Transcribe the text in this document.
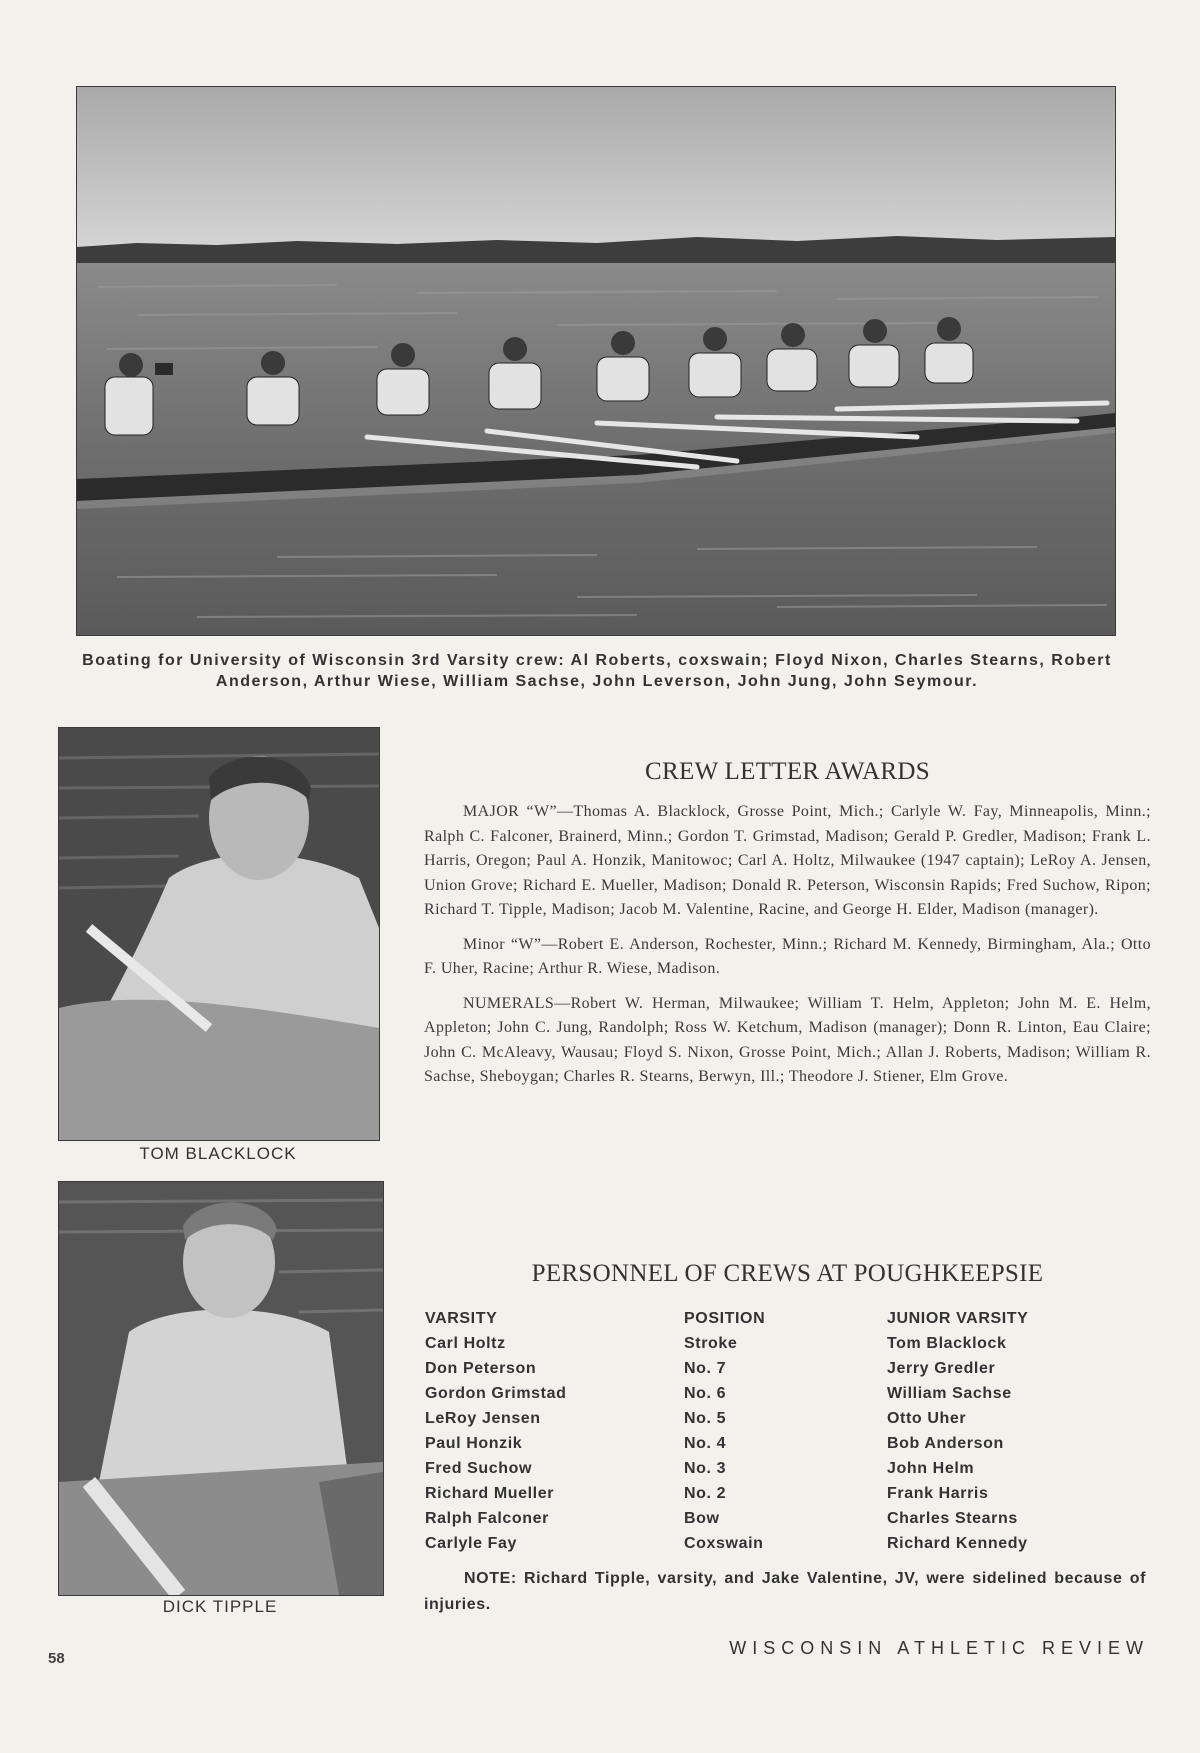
Boating for University of Wisconsin 3rd Varsity crew: Al Roberts, coxswain; Floyd Nixon, Charles Stearns, Robert Anderson, Arthur Wiese, William Sachse, John Leverson, John Jung, John Seymour.
TOM BLACKLOCK
DICK TIPPLE
CREW LETTER AWARDS

MAJOR “W”—Thomas A. Blacklock, Grosse Point, Mich.; Carlyle W. Fay, Minneapolis, Minn.; Ralph C. Falconer, Brainerd, Minn.; Gordon T. Grimstad, Madison; Gerald P. Gredler, Madison; Frank L. Harris, Oregon; Paul A. Honzik, Manitowoc; Carl A. Holtz, Milwaukee (1947 captain); LeRoy A. Jensen, Union Grove; Richard E. Mueller, Madison; Donald R. Peterson, Wisconsin Rapids; Fred Suchow, Ripon; Richard T. Tipple, Madison; Jacob M. Valentine, Racine, and George H. Elder, Madison (manager).

Minor “W”—Robert E. Anderson, Rochester, Minn.; Richard M. Kennedy, Birmingham, Ala.; Otto F. Uher, Racine; Arthur R. Wiese, Madison.

NUMERALS—Robert W. Herman, Milwaukee; William T. Helm, Appleton; John M. E. Helm, Appleton; John C. Jung, Randolph; Ross W. Ketchum, Madison (manager); Donn R. Linton, Eau Claire; John C. McAleavy, Wausau; Floyd S. Nixon, Grosse Point, Mich.; Allan J. Roberts, Madison; William R. Sachse, Sheboygan; Charles R. Stearns, Berwyn, Ill.; Theodore J. Stiener, Elm Grove.

PERSONNEL OF CREWS AT POUGHKEEPSIE
VARSITY
Carl Holtz
Don Peterson
Gordon Grimstad
LeRoy Jensen
Paul Honzik
Fred Suchow
Richard Mueller
Ralph Falconer
Carlyle Fay
POSITION
Stroke
No. 7
No. 6
No. 5
No. 4
No. 3
No. 2
Bow
Coxswain
JUNIOR VARSITY
Tom Blacklock
Jerry Gredler
William Sachse
Otto Uher
Bob Anderson
John Helm
Frank Harris
Charles Stearns
Richard Kennedy
NOTE: Richard Tipple, varsity, and Jake Valentine, JV, were sidelined because of injuries.
58
WISCONSIN ATHLETIC REVIEW
